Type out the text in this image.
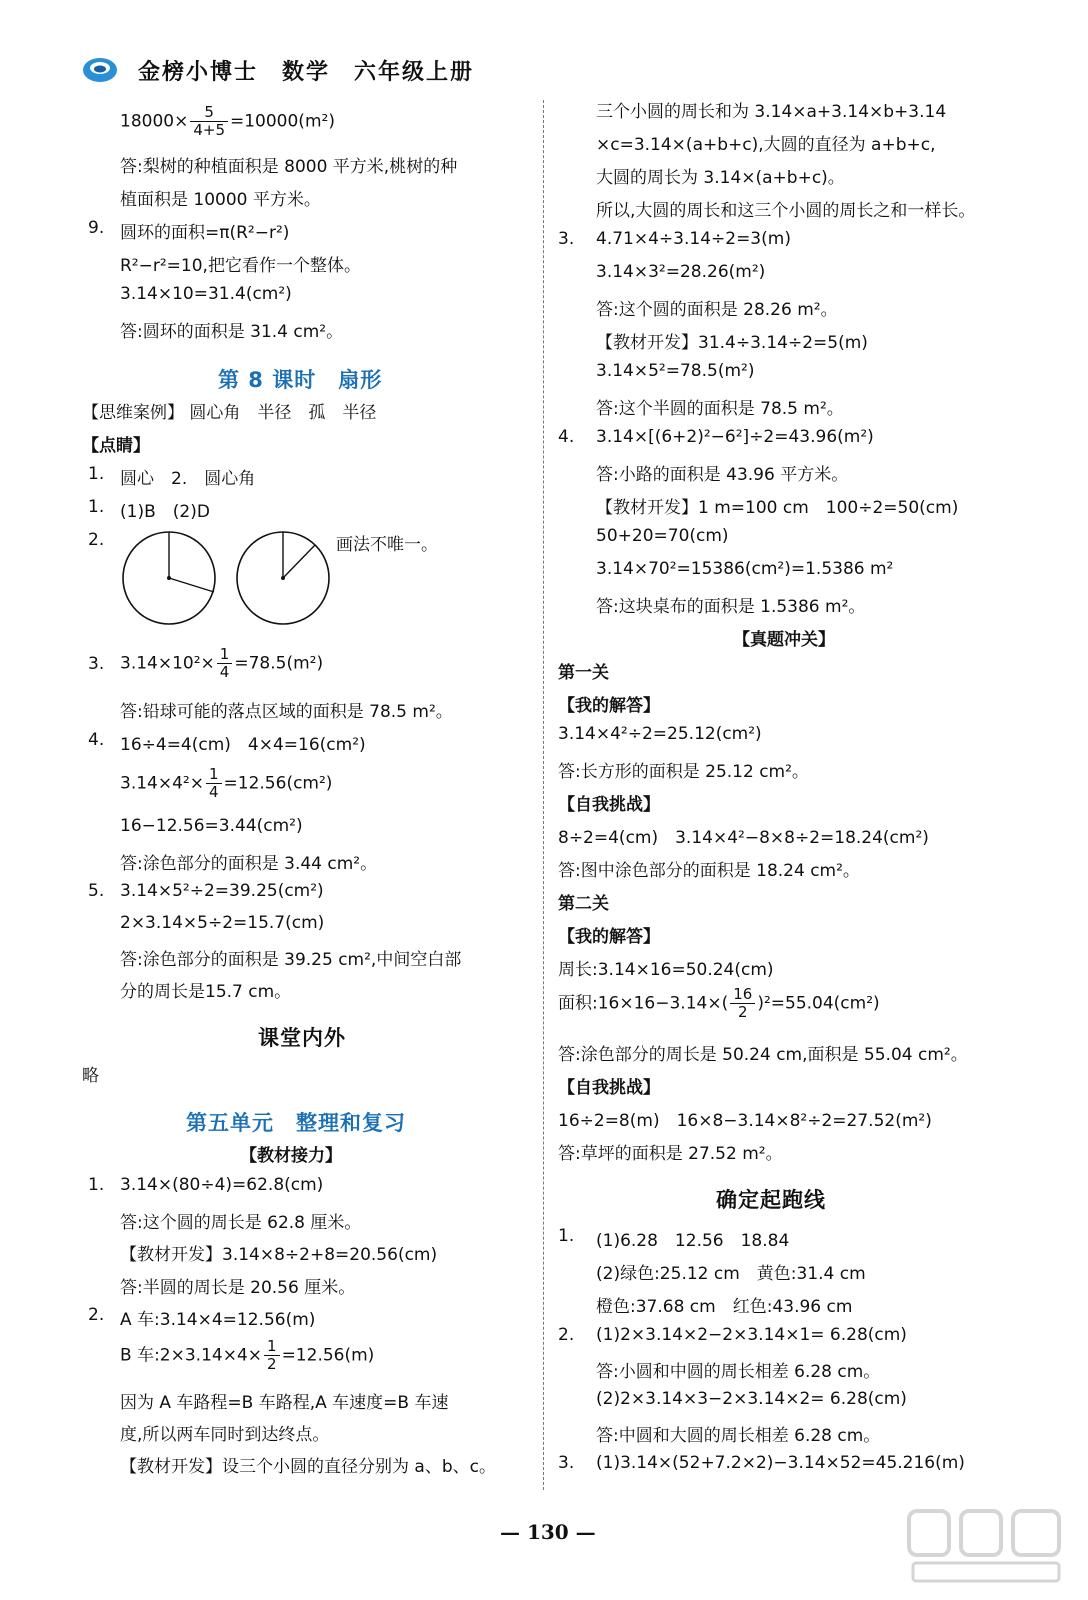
金榜小博士　数学　六年级上册
$18000\times \frac{5}{4+5} =10000(m^2)$
答:梨树的种植面积是 8000 平方米,桃树的种
植面积是 10000 平方米。
9. 圆环的面积=π(R²−r²)
R²−r²=10,把它看作一个整体。
3.14×10=31.4(cm²)
答:圆环的面积是 31.4 cm²。
第 8 课时　扇形
【思维案例】 圆心角　半径　孤　半径
【点睛】
1. 圆心　2.　圆心角
1. (1)B　(2)D
2.	画法不唯一。
3. $3.14\times 10^2\times \frac{1}{4} =78.5(m^2)$
答:铅球可能的落点区域的面积是 78.5 m²。
4. 16÷4=4(cm)　4×4=16(cm²)
$3.14\times 4^2\times \frac{1}{4} =12.56(cm^2)$
16−12.56=3.44(cm²)
答:涂色部分的面积是 3.44 cm²。
5. 3.14×5²÷2=39.25(cm²)
2×3.14×5÷2=15.7(cm)
答:涂色部分的面积是 39.25 cm²,中间空白部
分的周长是15.7 cm。
课堂内外
略
第五单元　整理和复习
【教材接力】
1. 3.14×(80÷4)=62.8(cm)
答:这个圆的周长是 62.8 厘米。
【教材开发】3.14×8÷2+8=20.56(cm)
答:半圆的周长是 20.56 厘米。
2. A 车:3.14×4=12.56(m)
B 车:2×3.14×4× $\frac{1}{2} =12.56(m)$
因为 A 车路程=B 车路程,A 车速度=B 车速
度,所以两车同时到达终点。
【教材开发】设三个小圆的直径分别为 a、b、c。
三个小圆的周长和为 3.14×a+3.14×b+3.14
×c=3.14×(a+b+c),大圆的直径为 a+b+c,
大圆的周长为 3.14×(a+b+c)。
所以,大圆的周长和这三个小圆的周长之和一样长。
3. 4.71×4÷3.14÷2=3(m)
3.14×3²=28.26(m²)
答:这个圆的面积是 28.26 m²。
【教材开发】31.4÷3.14÷2=5(m)
3.14×5²=78.5(m²)
答:这个半圆的面积是 78.5 m²。
4. 3.14×[(6+2)²−6²]÷2=43.96(m²)
答:小路的面积是 43.96 平方米。
【教材开发】1 m=100 cm　100÷2=50(cm)
50+20=70(cm)
3.14×70²=15386(cm²)=1.5386 m²
答:这块桌布的面积是 1.5386 m²。
【真题冲关】
第一关
【我的解答】
3.14×4²÷2=25.12(cm²)
答:长方形的面积是 25.12 cm²。
【自我挑战】
8÷2=4(cm)　3.14×4²−8×8÷2=18.24(cm²)
答:图中涂色部分的面积是 18.24 cm²。
第二关
【我的解答】
周长:3.14×16=50.24(cm)
面积:16×16−3.14×( $\frac{16}{2} )^2=55.04(cm^2)$
答:涂色部分的周长是 50.24 cm,面积是 55.04 cm²。
【自我挑战】
16÷2=8(m)　16×8−3.14×8²÷2=27.52(m²)
答:草坪的面积是 27.52 m²。
确定起跑线
1. (1)6.28　12.56　18.84
(2)绿色:25.12 cm　黄色:31.4 cm
橙色:37.68 cm　红色:43.96 cm
2. (1)2×3.14×2−2×3.14×1= 6.28(cm)
答:小圆和中圆的周长相差 6.28 cm。
(2)2×3.14×3−2×3.14×2= 6.28(cm)
答:中圆和大圆的周长相差 6.28 cm。
3. (1)3.14×(52+7.2×2)−3.14×52=45.216(m)
— 130 —
